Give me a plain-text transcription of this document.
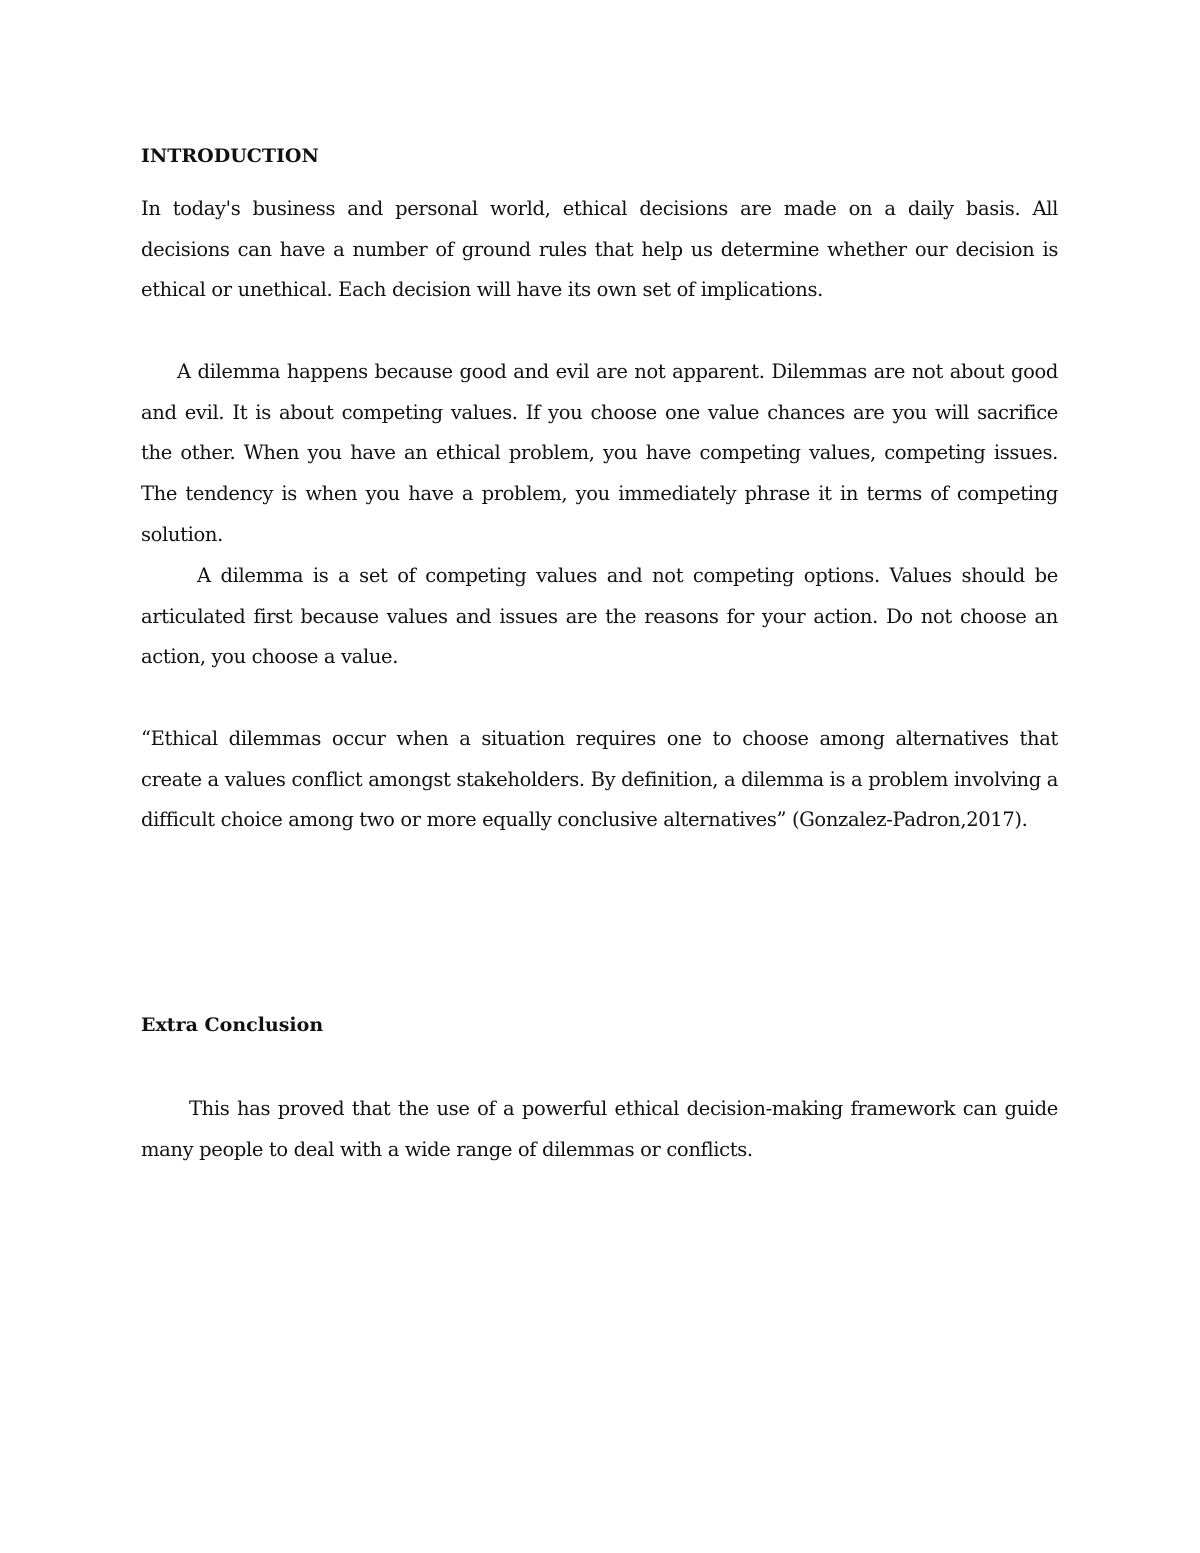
INTRODUCTION
In today's business and personal world, ethical decisions are made on a daily basis. All decisions can have a number of ground rules that help us determine whether our decision is ethical or unethical. Each decision will have its own set of implications.
A dilemma happens because good and evil are not apparent. Dilemmas are not about good and evil. It is about competing values. If you choose one value chances are you will sacrifice the other. When you have an ethical problem, you have competing values, competing issues. The tendency is when you have a problem, you immediately phrase it in terms of competing solution.
A dilemma is a set of competing values and not competing options. Values should be articulated first because values and issues are the reasons for your action. Do not choose an action, you choose a value.
“Ethical dilemmas occur when a situation requires one to choose among alternatives that create a values conflict amongst stakeholders. By definition, a dilemma is a problem involving a difficult choice among two or more equally conclusive alternatives” (Gonzalez-Padron,2017).
Extra Conclusion
This has proved that the use of a powerful ethical decision-making framework can guide many people to deal with a wide range of dilemmas or conflicts.
